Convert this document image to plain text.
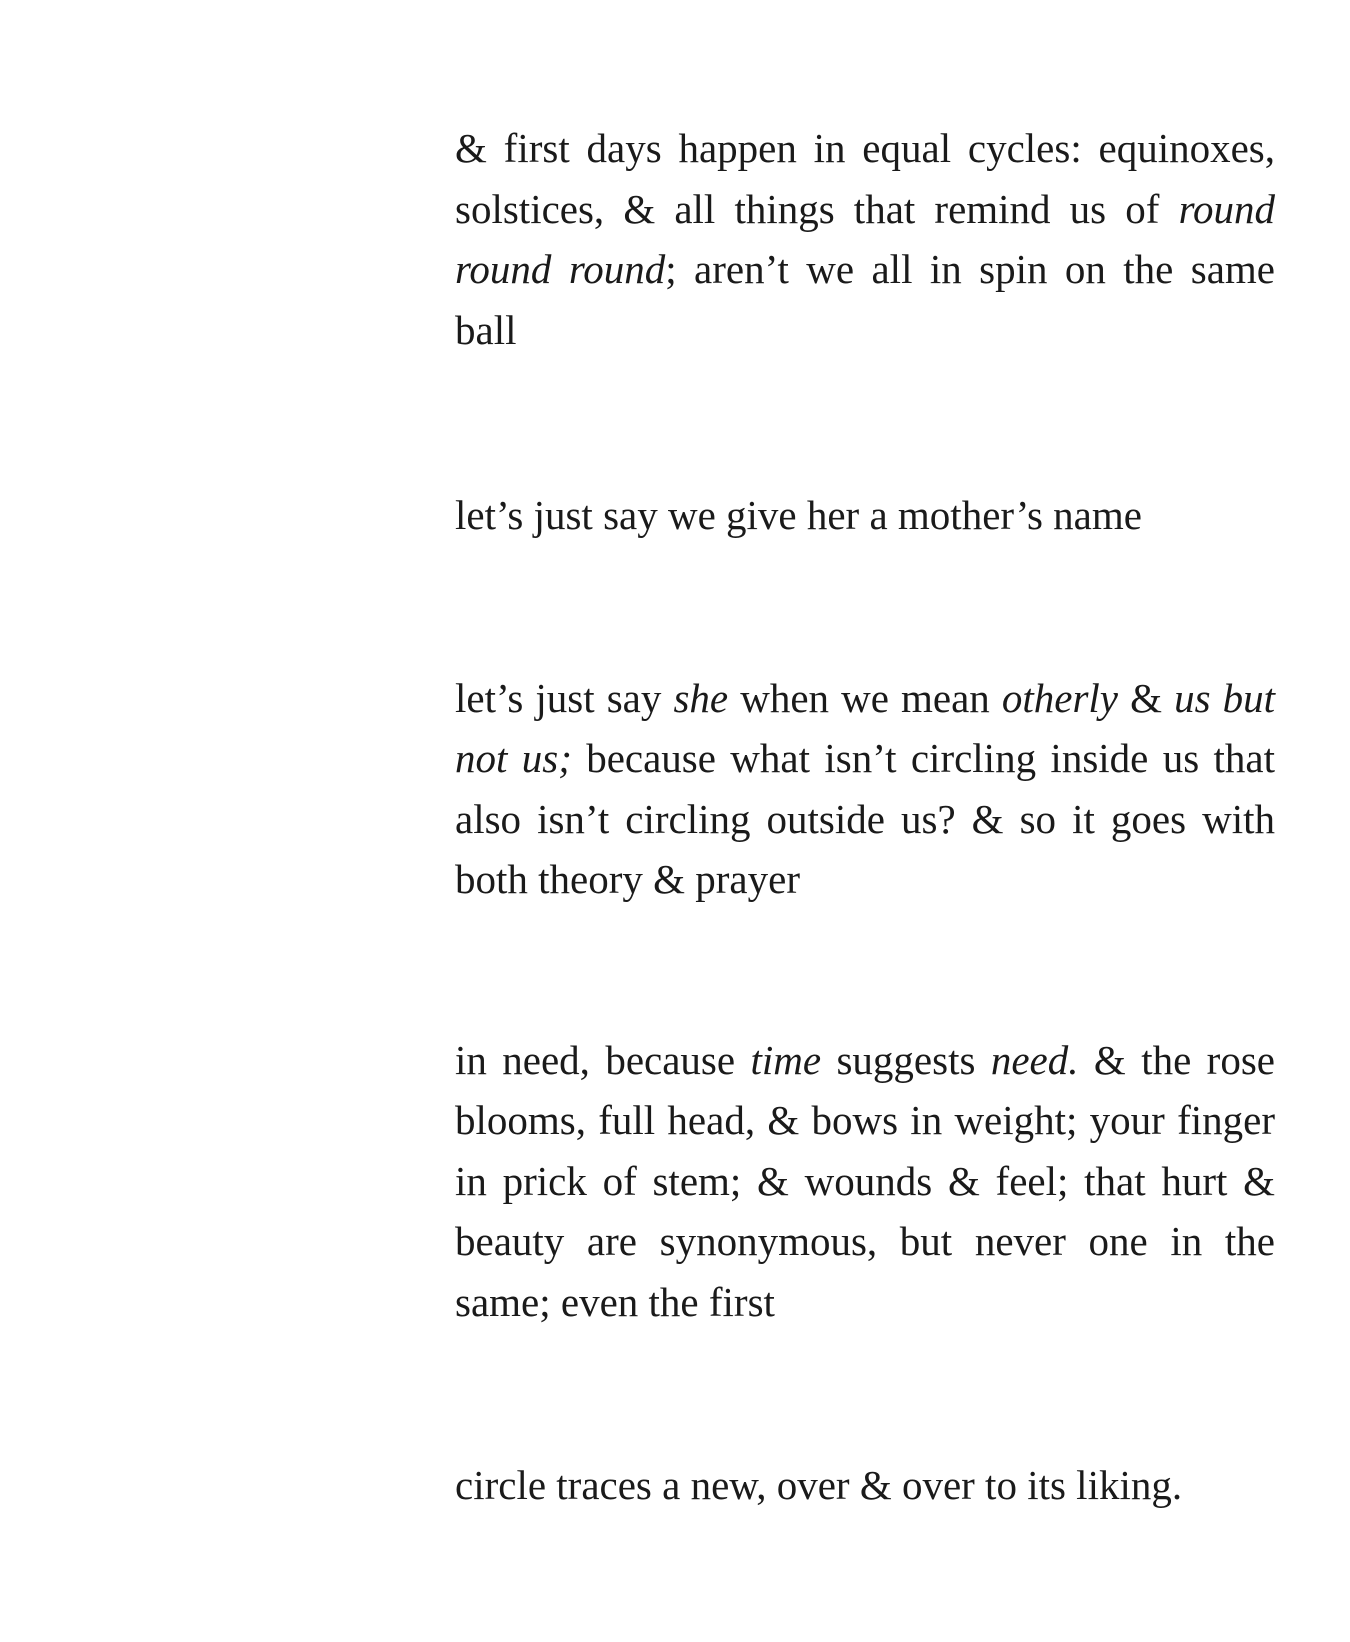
& first days happen in equal cycles: equinoxes, solstices, & all things that remind us of round round round; aren’t we all in spin on the same ball

let’s just say we give her a mother’s name

let’s just say she when we mean otherly & us but not us; because what isn’t circling inside us that also isn’t circling outside us? & so it goes with both theory & prayer

in need, because time suggests need. & the rose blooms, full head, & bows in weight; your finger in prick of stem; & wounds & feel; that hurt & beauty are synonymous, but never one in the same; even the first

circle traces a new, over & over to its liking.
